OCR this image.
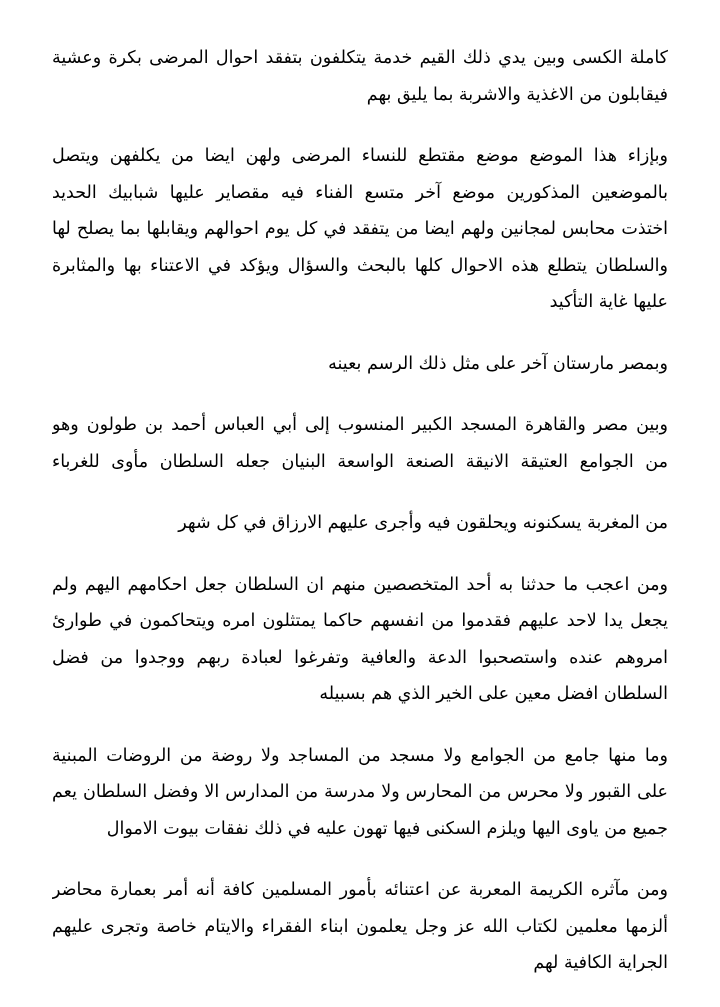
كاملة الكسى وبين يدي ذلك القيم خدمة يتكلفون بتفقد احوال المرضى بكرة وعشية
فيقابلون من الاغذية والاشربة بما يليق بهم

وبإزاء هذا الموضع موضع مقتطع للنساء المرضى ولهن ايضا من يكلفهن ويتصل
بالموضعين المذكورين موضع آخر متسع الفناء فيه مقصاير عليها شبابيك الحديد
اختذت محابس لمجانين ولهم ايضا من يتفقد في كل يوم احوالهم ويقابلها بما يصلح لها
والسلطان يتطلع هذه الاحوال كلها بالبحث والسؤال ويؤكد في الاعتناء بها والمثابرة
عليها غاية التأكيد

وبمصر مارستان آخر على مثل ذلك الرسم بعينه

وبين مصر والقاهرة المسجد الكبير المنسوب إلى أبي العباس أحمد بن طولون وهو
من الجوامع العتيقة الانيقة الصنعة الواسعة البنيان جعله السلطان مأوى للغرباء

من المغربة يسكنونه ويحلقون فيه وأجرى عليهم الارزاق في كل شهر

ومن اعجب ما حدثنا به أحد المتخصصين منهم ان السلطان جعل احكامهم اليهم ولم
يجعل يدا لاحد عليهم فقدموا من انفسهم حاكما يمتثلون امره ويتحاكمون في طوارئ
امروهم عنده واستصحبوا الدعة والعافية وتفرغوا لعبادة ربهم ووجدوا من فضل
السلطان افضل معين على الخير الذي هم بسبيله

وما منها جامع من الجوامع ولا مسجد من المساجد ولا روضة من الروضات المبنية
على القبور ولا محرس من المحارس ولا مدرسة من المدارس الا وفضل السلطان يعم
جميع من ياوى اليها ويلزم السكنى فيها تهون عليه في ذلك نفقات بيوت الاموال

ومن مآثره الكريمة المعربة عن اعتنائه بأمور المسلمين كافة أنه أمر بعمارة محاضر
ألزمها معلمين لكتاب الله عز وجل يعلمون ابناء الفقراء والايتام خاصة وتجرى عليهم
الجراية الكافية لهم
